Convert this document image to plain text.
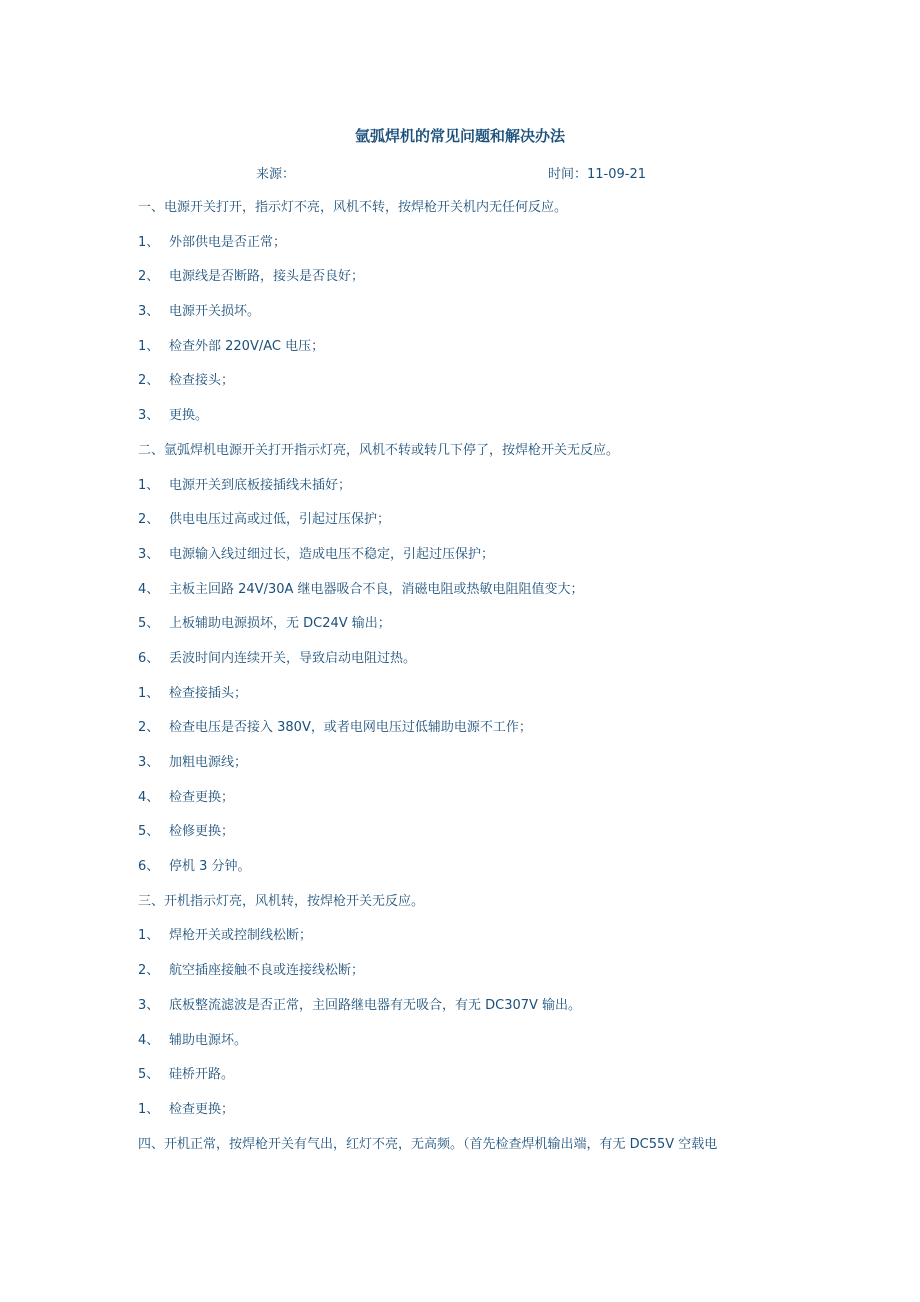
氩弧焊机的常见问题和解决办法
来源：	时间：11-09-21
一、电源开关打开，指示灯不亮，风机不转，按焊枪开关机内无任何反应。
1、 外部供电是否正常；
2、 电源线是否断路，接头是否良好；
3、 电源开关损坏。
1、 检查外部 220V/AC 电压；
2、 检查接头；
3、 更换。
二、氩弧焊机电源开关打开指示灯亮，风机不转或转几下停了，按焊枪开关无反应。
1、 电源开关到底板接插线未插好；
2、 供电电压过高或过低，引起过压保护；
3、 电源输入线过细过长，造成电压不稳定，引起过压保护；
4、 主板主回路 24V/30A 继电器吸合不良，消磁电阻或热敏电阻阻值变大；
5、 上板辅助电源损坏，无 DC24V 输出；
6、 丢波时间内连续开关，导致启动电阻过热。
1、 检查接插头；
2、 检查电压是否接入 380V，或者电网电压过低辅助电源不工作；
3、 加粗电源线；
4、 检查更换；
5、 检修更换；
6、 停机 3 分钟。
三、开机指示灯亮，风机转，按焊枪开关无反应。
1、 焊枪开关或控制线松断；
2、 航空插座接触不良或连接线松断；
3、 底板整流滤波是否正常，主回路继电器有无吸合，有无 DC307V 输出。
4、 辅助电源坏。
5、 硅桥开路。
1、 检查更换；
四、开机正常，按焊枪开关有气出，红灯不亮，无高频。（首先检查焊机输出端，有无 DC55V 空载电
